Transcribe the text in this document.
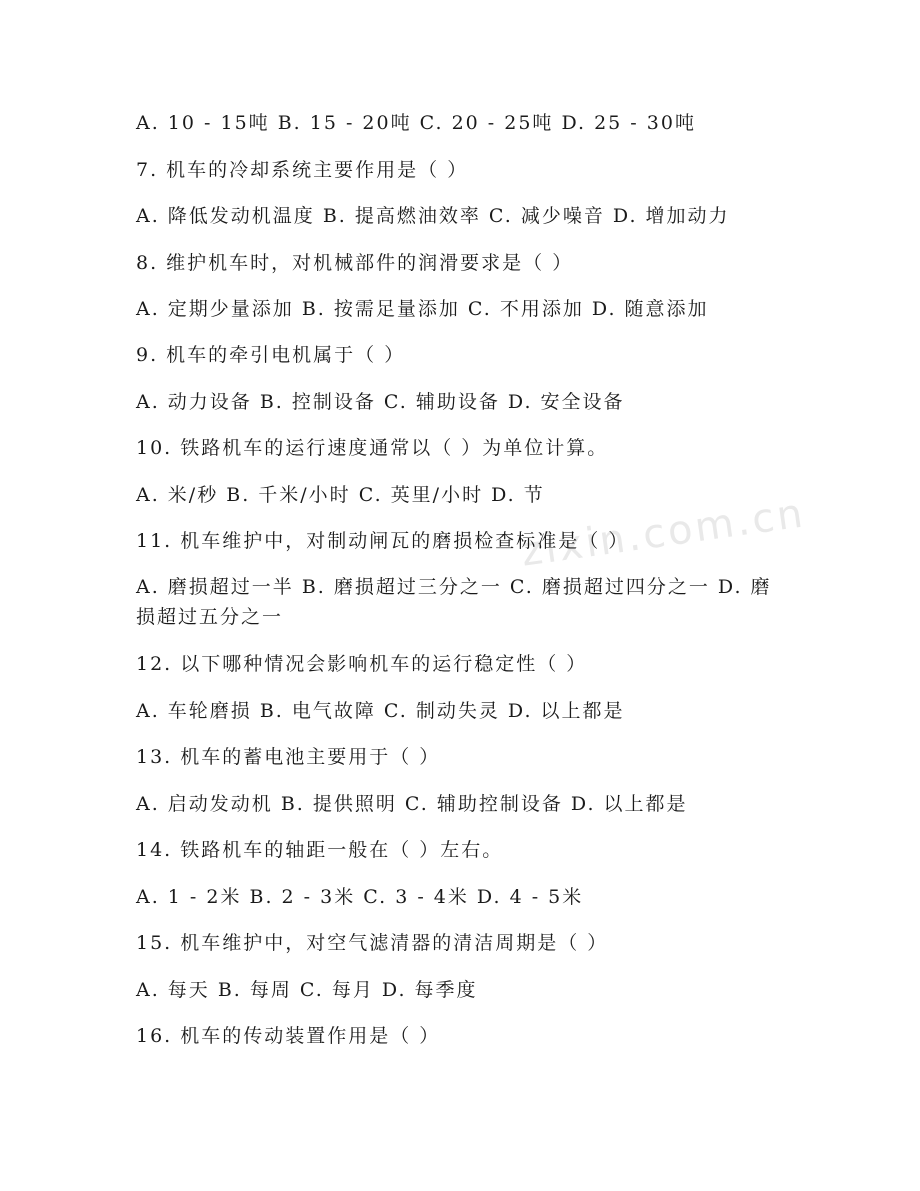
zixin.com.cn
A. 10 - 15吨 B. 15 - 20吨 C. 20 - 25吨 D. 25 - 30吨
7. 机车的冷却系统主要作用是（ ）
A. 降低发动机温度 B. 提高燃油效率 C. 减少噪音 D. 增加动力
8. 维护机车时，对机械部件的润滑要求是（ ）
A. 定期少量添加 B. 按需足量添加 C. 不用添加 D. 随意添加
9. 机车的牵引电机属于（ ）
A. 动力设备 B. 控制设备 C. 辅助设备 D. 安全设备
10. 铁路机车的运行速度通常以（ ）为单位计算。
A. 米/秒 B. 千米/小时 C. 英里/小时 D. 节
11. 机车维护中，对制动闸瓦的磨损检查标准是（ ）
A. 磨损超过一半 B. 磨损超过三分之一 C. 磨损超过四分之一 D. 磨损超过五分之一
12. 以下哪种情况会影响机车的运行稳定性（ ）
A. 车轮磨损 B. 电气故障 C. 制动失灵 D. 以上都是
13. 机车的蓄电池主要用于（ ）
A. 启动发动机 B. 提供照明 C. 辅助控制设备 D. 以上都是
14. 铁路机车的轴距一般在（ ）左右。
A. 1 - 2米 B. 2 - 3米 C. 3 - 4米 D. 4 - 5米
15. 机车维护中，对空气滤清器的清洁周期是（ ）
A. 每天 B. 每周 C. 每月 D. 每季度
16. 机车的传动装置作用是（ ）
